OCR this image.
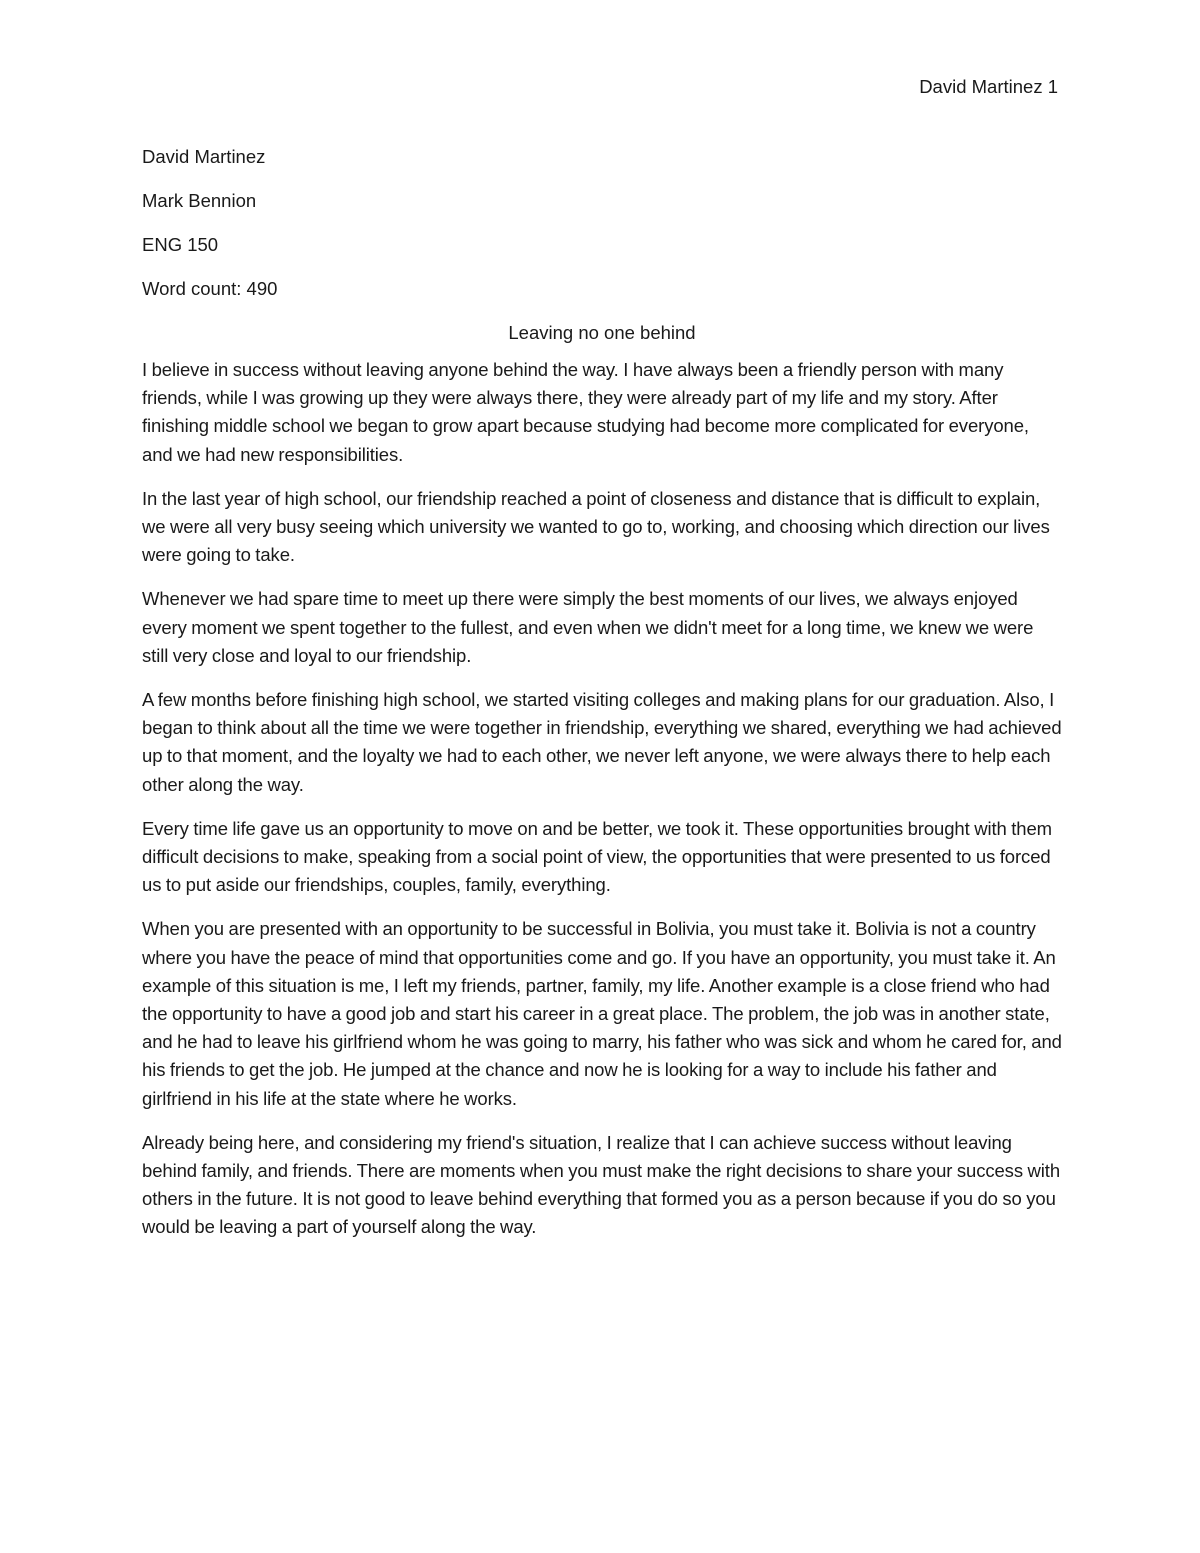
David Martinez 1

David Martinez

Mark Bennion

ENG 150

Word count: 490

Leaving no one behind

I believe in success without leaving anyone behind the way. I have always been a friendly person with many friends, while I was growing up they were always there, they were already part of my life and my story. After finishing middle school we began to grow apart because studying had become more complicated for everyone, and we had new responsibilities.

In the last year of high school, our friendship reached a point of closeness and distance that is difficult to explain, we were all very busy seeing which university we wanted to go to, working, and choosing which direction our lives were going to take.

Whenever we had spare time to meet up there were simply the best moments of our lives, we always enjoyed every moment we spent together to the fullest, and even when we didn't meet for a long time, we knew we were still very close and loyal to our friendship.

A few months before finishing high school, we started visiting colleges and making plans for our graduation. Also, I began to think about all the time we were together in friendship, everything we shared, everything we had achieved up to that moment, and the loyalty we had to each other, we never left anyone, we were always there to help each other along the way.

Every time life gave us an opportunity to move on and be better, we took it. These opportunities brought with them difficult decisions to make, speaking from a social point of view, the opportunities that were presented to us forced us to put aside our friendships, couples, family, everything.

When you are presented with an opportunity to be successful in Bolivia, you must take it. Bolivia is not a country where you have the peace of mind that opportunities come and go. If you have an opportunity, you must take it. An example of this situation is me, I left my friends, partner, family, my life. Another example is a close friend who had the opportunity to have a good job and start his career in a great place. The problem, the job was in another state, and he had to leave his girlfriend whom he was going to marry, his father who was sick and whom he cared for, and his friends to get the job. He jumped at the chance and now he is looking for a way to include his father and girlfriend in his life at the state where he works.

Already being here, and considering my friend's situation, I realize that I can achieve success without leaving behind family, and friends. There are moments when you must make the right decisions to share your success with others in the future. It is not good to leave behind everything that formed you as a person because if you do so you would be leaving a part of yourself along the way.
